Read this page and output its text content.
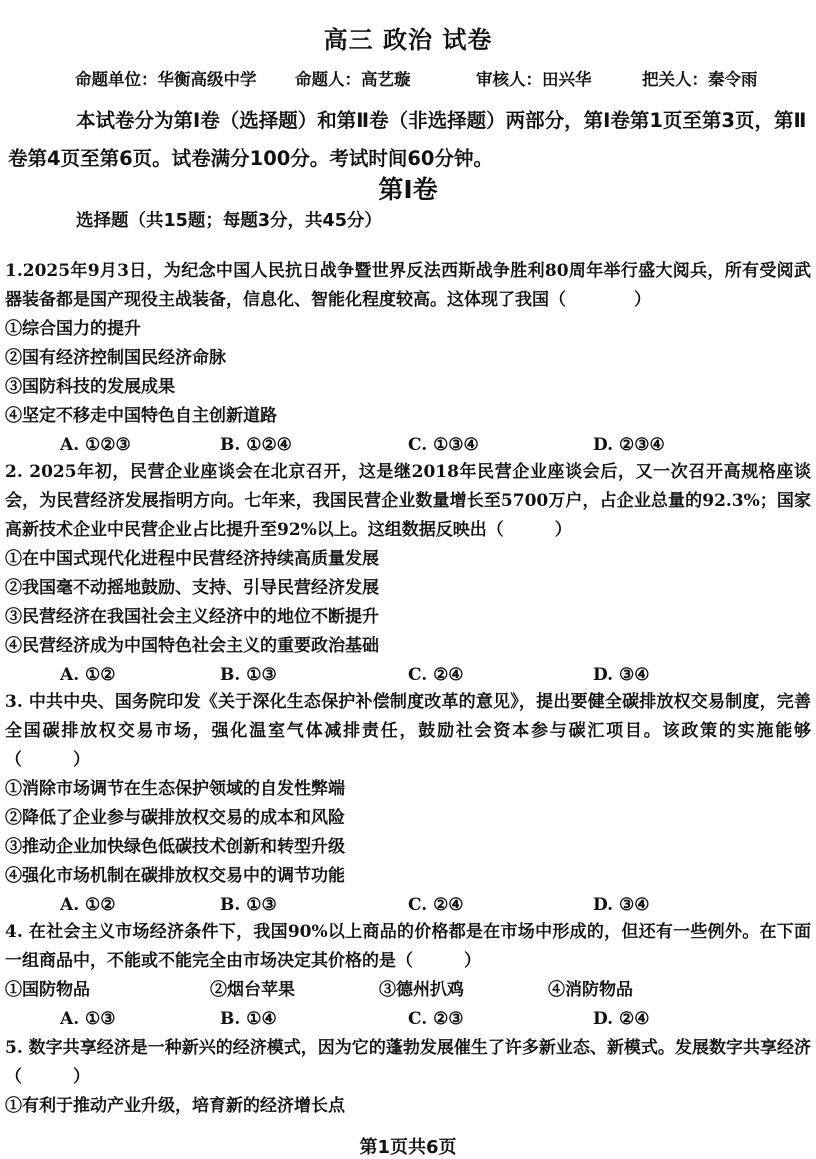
高三 政治 试卷
命题单位：华衡高级中学 命题人：高艺璇	审核人：田兴华	把关人：秦令雨
本试卷分为第Ⅰ卷（选择题）和第Ⅱ卷（非选择题）两部分，第Ⅰ卷第1页至第3页，第Ⅱ卷第4页至第6页。试卷满分100分。考试时间60分钟。
第Ⅰ卷
选择题（共15题；每题3分，共45分）
1.2025年9月3日，为纪念中国人民抗日战争暨世界反法西斯战争胜利80周年举行盛大阅兵，所有受阅武器装备都是国产现役主战装备，信息化、智能化程度较高。这体现了我国（　　　　）
①综合国力的提升
②国有经济控制国民经济命脉
③国防科技的发展成果
④坚定不移走中国特色自主创新道路
A. ①②③	B. ①②④	C. ①③④	D. ②③④
2. 2025年初，民营企业座谈会在北京召开，这是继2018年民营企业座谈会后，又一次召开高规格座谈会，为民营经济发展指明方向。七年来，我国民营企业数量增长至5700万户，占企业总量的92.3%；国家高新技术企业中民营企业占比提升至92%以上。这组数据反映出（　　　）
①在中国式现代化进程中民营经济持续高质量发展
②我国毫不动摇地鼓励、支持、引导民营经济发展
③民营经济在我国社会主义经济中的地位不断提升
④民营经济成为中国特色社会主义的重要政治基础
A. ①②	B. ①③	C. ②④	D. ③④
3. 中共中央、国务院印发《关于深化生态保护补偿制度改革的意见》，提出要健全碳排放权交易制度，完善全国碳排放权交易市场，强化温室气体减排责任，鼓励社会资本参与碳汇项目。该政策的实施能够（　　　）
①消除市场调节在生态保护领域的自发性弊端
②降低了企业参与碳排放权交易的成本和风险
③推动企业加快绿色低碳技术创新和转型升级
④强化市场机制在碳排放权交易中的调节功能
A. ①②	B. ①③	C. ②④	D. ③④
4. 在社会主义市场经济条件下，我国90%以上商品的价格都是在市场中形成的，但还有一些例外。在下面一组商品中，不能或不能完全由市场决定其价格的是（　　　）
①国防物品	②烟台苹果	③德州扒鸡	④消防物品
A. ①③	B. ①④	C. ②③	D. ②④
5. 数字共享经济是一种新兴的经济模式，因为它的蓬勃发展催生了许多新业态、新模式。发展数字共享经济（　　　）
①有利于推动产业升级，培育新的经济增长点
第1页共6页
